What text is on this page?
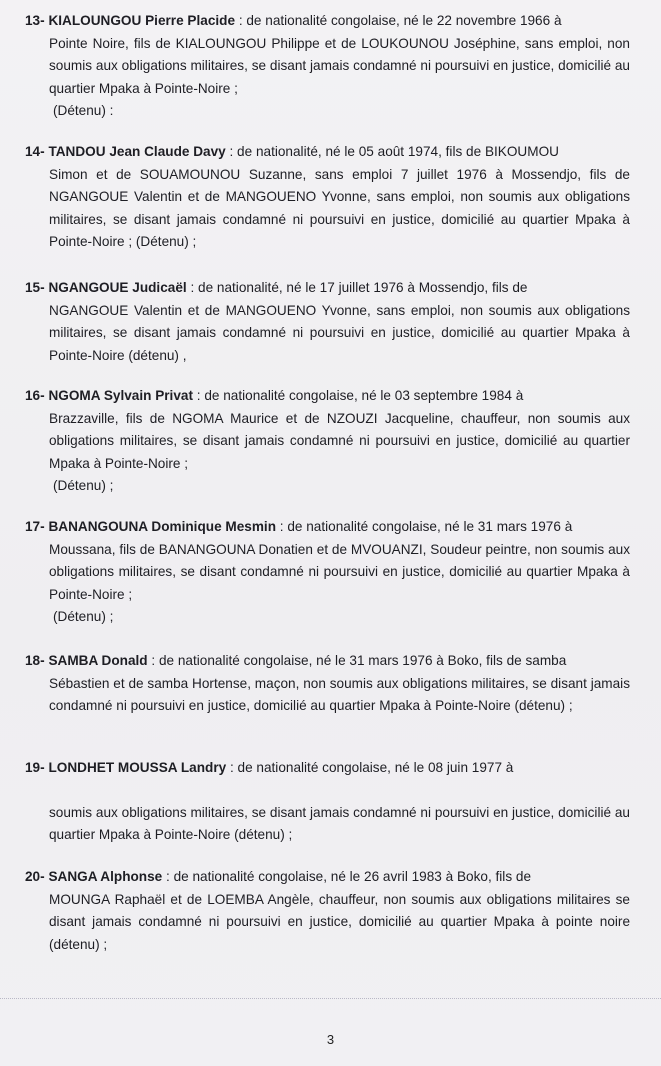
13- KIALOUNGOU Pierre Placide : de nationalité congolaise, né le 22 novembre 1966 à
Pointe Noire, fils de KIALOUNGOU Philippe et de LOUKOUNOU Joséphine, sans emploi, non soumis aux obligations militaires, se disant jamais condamné ni poursuivi en justice, domicilié au quartier Mpaka à Pointe-Noire ;
(Détenu) :
14- TANDOU Jean Claude Davy : de nationalité, né le 05 août 1974, fils de BIKOUMOU
Simon et de SOUAMOUNOU Suzanne, sans emploi 7 juillet 1976 à Mossendjo, fils de NGANGOUE Valentin et de MANGOUENO Yvonne, sans emploi, non soumis aux obligations militaires, se disant jamais condamné ni poursuivi en justice, domicilié au quartier Mpaka à Pointe-Noire ; (Détenu) ;
15- NGANGOUE Judicaël : de nationalité, né le 17 juillet 1976 à Mossendjo, fils de
NGANGOUE Valentin et de MANGOUENO Yvonne, sans emploi, non soumis aux obligations militaires, se disant jamais condamné ni poursuivi en justice, domicilié au quartier Mpaka à Pointe-Noire (détenu) ,
16- NGOMA Sylvain Privat : de nationalité congolaise, né le 03 septembre 1984 à
Brazzaville, fils de NGOMA Maurice et de NZOUZI Jacqueline, chauffeur, non soumis aux obligations militaires, se disant jamais condamné ni poursuivi en justice, domicilié au quartier Mpaka à Pointe-Noire ;
(Détenu) ;
17- BANANGOUNA Dominique Mesmin : de nationalité congolaise, né le 31 mars 1976 à
Moussana, fils de BANANGOUNA Donatien et de MVOUANZI, Soudeur peintre, non soumis aux obligations militaires, se disant condamné ni poursuivi en justice, domicilié au quartier Mpaka à Pointe-Noire ;
(Détenu) ;
18- SAMBA Donald : de nationalité congolaise, né le 31 mars 1976 à Boko, fils de samba
Sébastien et de samba Hortense, maçon, non soumis aux obligations militaires, se disant jamais condamné ni poursuivi en justice, domicilié au quartier Mpaka à Pointe-Noire (détenu) ;
19- LONDHET MOUSSA Landry : de nationalité congolaise, né le 08 juin 1977 à
soumis aux obligations militaires, se disant jamais condamné ni poursuivi en justice, domicilié au quartier Mpaka à Pointe-Noire (détenu) ;
20- SANGA Alphonse : de nationalité congolaise, né le 26 avril 1983 à Boko, fils de
MOUNGA Raphaël et de LOEMBA Angèle, chauffeur, non soumis aux obligations militaires se disant jamais condamné ni poursuivi en justice, domicilié au quartier Mpaka à pointe noire (détenu) ;
3
